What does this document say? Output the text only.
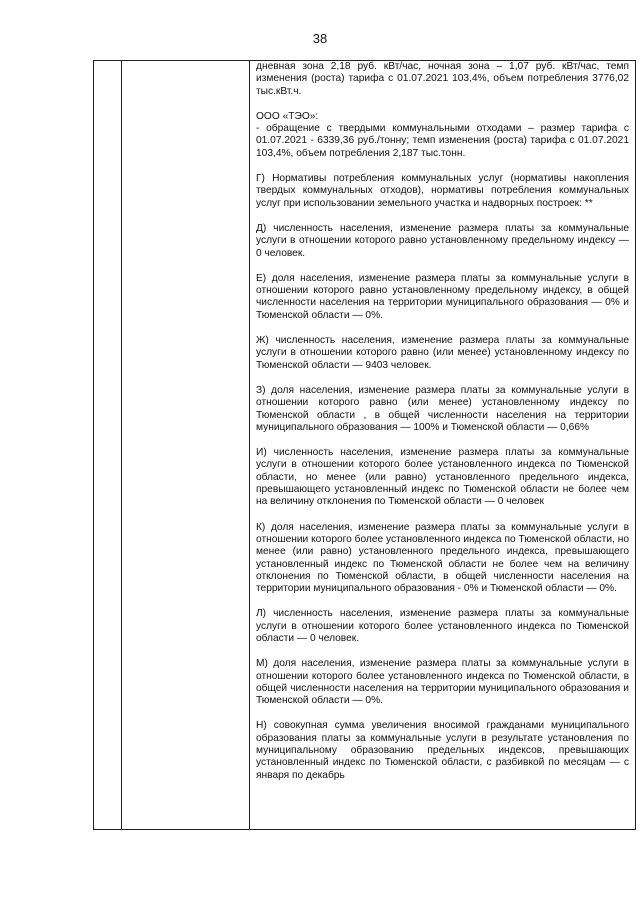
38

дневная зона 2,18 руб. кВт/час, ночная зона – 1,07 руб. кВт/час, темп изменения (роста) тарифа с 01.07.2021 103,4%, объем потребления 3776,02 тыс.кВт.ч.

ООО «ТЭО»:

- обращение с твердыми коммунальными отходами – размер тарифа с 01.07.2021 - 6339,36 руб./тонну; темп изменения (роста) тарифа с 01.07.2021 103,4%, объем потребления 2,187 тыс.тонн.

Г) Нормативы потребления коммунальных услуг (нормативы накопления твердых коммунальных отходов), нормативы потребления коммунальных услуг при использовании земельного участка и надворных построек: **

Д) численность населения, изменение размера платы за коммунальные услуги в отношении которого равно установленному предельному индексу — 0 человек.

Е) доля населения, изменение размера платы за коммунальные услуги в отношении которого равно установленному предельному индексу, в общей численности населения на территории муниципального образования — 0% и Тюменской области — 0%.

Ж) численность населения, изменение размера платы за коммунальные услуги в отношении которого равно (или менее) установленному индексу по Тюменской области — 9403 человек.

З) доля населения, изменение размера платы за коммунальные услуги в отношении которого равно (или менее) установленному индексу по Тюменской области , в общей численности населения на территории муниципального образования — 100% и Тюменской области — 0,66%

И) численность населения, изменение размера платы за коммунальные услуги в отношении которого более установленного индекса по Тюменской области, но менее (или равно) установленного предельного индекса, превышающего установленный индекс по Тюменской области не более чем на величину отклонения по Тюменской области — 0 человек

К) доля населения, изменение размера платы за коммунальные услуги в отношении которого более установленного индекса по Тюменской области, но менее (или равно) установленного предельного индекса, превышающего установленный индекс по Тюменской области не более чем на величину отклонения по Тюменской области, в общей численности населения на территории муниципального образования - 0% и Тюменской области — 0%.

Л) численность населения, изменение размера платы за коммунальные услуги в отношении которого более установленного индекса по Тюменской области — 0 человек.

М) доля населения, изменение размера платы за коммунальные услуги в отношении которого более установленного индекса по Тюменской области, в общей численности населения на территории муниципального образования и Тюменской области — 0%.

Н) совокупная сумма увеличения вносимой гражданами муниципального образования платы за коммунальные услуги в результате установления по муниципальному образованию предельных индексов, превышающих установленный индекс по Тюменской области, с разбивкой по месяцам — с января по декабрь
